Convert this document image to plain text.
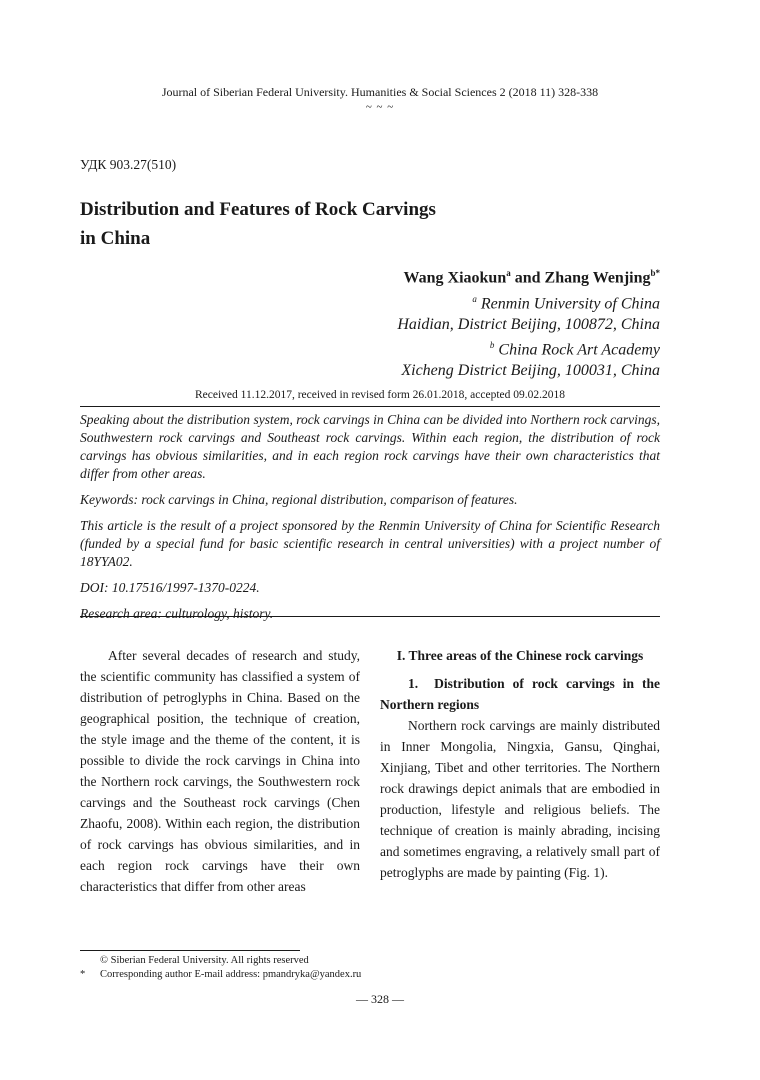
Journal of Siberian Federal University. Humanities & Social Sciences 2 (2018 11) 328-338
~ ~ ~
УДК 903.27(510)
Distribution and Features of Rock Carvings
in China
Wang Xiaokun$^a$ and Zhang Wenjing$^{b*}$
$^a$ Renmin University of China
Haidian, District Beijing, 100872, China
$^b$ China Rock Art Academy
Xicheng District Beijing, 100031, China
Received 11.12.2017, received in revised form 26.01.2018, accepted 09.02.2018

Speaking about the distribution system, rock carvings in China can be divided into Northern rock carvings, Southwestern rock carvings and Southeast rock carvings. Within each region, the distribution of rock carvings has obvious similarities, and in each region rock carvings have their own characteristics that differ from other areas.

Keywords: rock carvings in China, regional distribution, comparison of features.

This article is the result of a project sponsored by the Renmin University of China for Scientific Research (funded by a special fund for basic scientific research in central universities) with a project number of 18YYA02.

DOI: 10.17516/1997-1370-0224.

Research area: culturology, history.

After several decades of research and study, the scientific community has classified a system of distribution of petroglyphs in China. Based on the geographical position, the technique of creation, the style image and the theme of the content, it is possible to divide the rock carvings in China into the Northern rock carvings, the Southwestern rock carvings and the Southeast rock carvings (Chen Zhaofu, 2008). Within each region, the distribution of rock carvings has obvious similarities, and in each region rock carvings have their own characteristics that differ from other areas

I. Three areas of the Chinese rock carvings

1. Distribution of rock carvings in the Northern regions

Northern rock carvings are mainly distributed in Inner Mongolia, Ningxia, Gansu, Qinghai, Xinjiang, Tibet and other territories. The Northern rock drawings depict animals that are embodied in production, lifestyle and religious beliefs. The technique of creation is mainly abrading, incising and sometimes engraving, a relatively small part of petroglyphs are made by painting (Fig. 1).

© Siberian Federal University. All rights reserved
* Corresponding author E-mail address: pmandryka@yandex.ru
— 328 —
